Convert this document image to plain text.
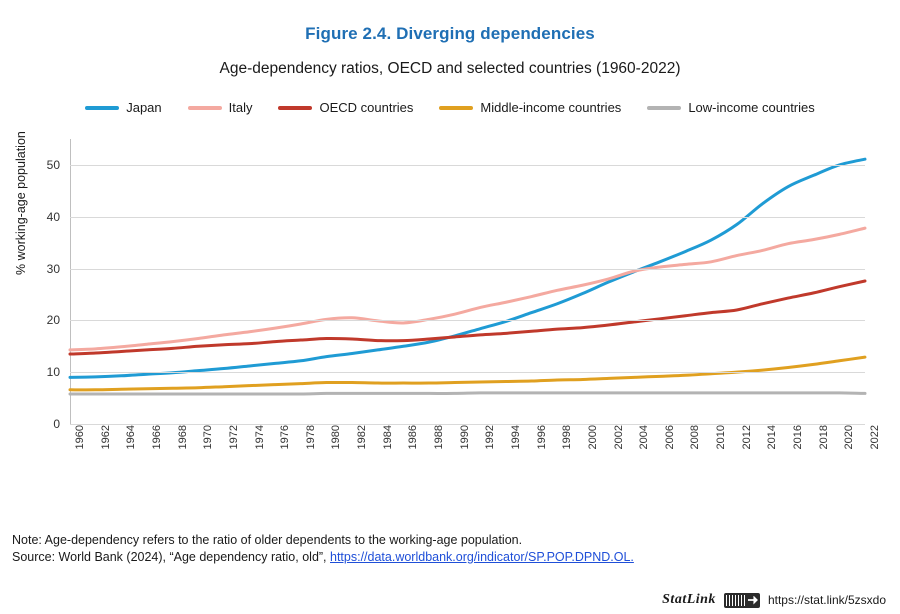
Figure 2.4. Diverging dependencies
Age-dependency ratios, OECD and selected countries (1960-2022)
Japan	Italy	OECD countries	Middle-income countries	Low-income countries
% working-age population
0
10
20
30
40
50
1960 1962 1964 1966 1968 1970 1972 1974 1976 1978 1980 1982 1984 1986 1988 1990 1992 1994 1996 1998 2000 2002 2004 2006 2008 2010 2012 2014 2016 2018 2020 2022
Note: Age-dependency refers to the ratio of older dependents to the working-age population.
Source: World Bank (2024), “Age dependency ratio, old”, https://data.worldbank.org/indicator/SP.POP.DPND.OL.
StatLink	https://stat.link/5zsxdo
